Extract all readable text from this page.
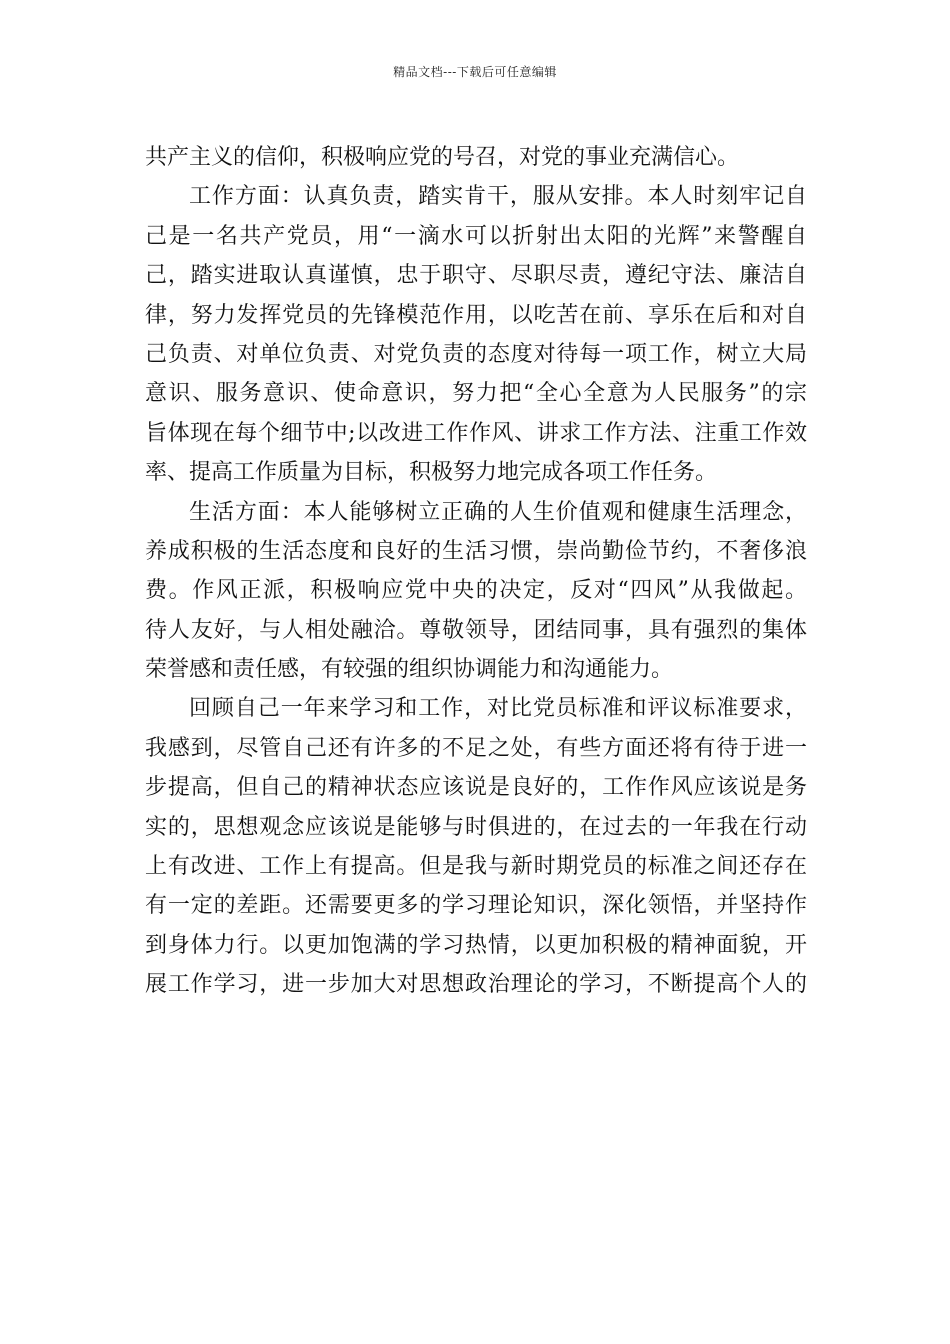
精品文档---下载后可任意编辑
共产主义的信仰，积极响应党的号召，对党的事业充满信心。
工作方面：认真负责，踏实肯干，服从安排。本人时刻牢记自
己是一名共产党员，用“一滴水可以折射出太阳的光辉”来警醒自
己，踏实进取认真谨慎，忠于职守、尽职尽责，遵纪守法、廉洁自
律，努力发挥党员的先锋模范作用，以吃苦在前、享乐在后和对自
己负责、对单位负责、对党负责的态度对待每一项工作，树立大局
意识、服务意识、使命意识，努力把“全心全意为人民服务”的宗
旨体现在每个细节中;以改进工作作风、讲求工作方法、注重工作效
率、提高工作质量为目标，积极努力地完成各项工作任务。
生活方面：本人能够树立正确的人生价值观和健康生活理念，
养成积极的生活态度和良好的生活习惯，崇尚勤俭节约，不奢侈浪
费。作风正派，积极响应党中央的决定，反对“四风”从我做起。
待人友好，与人相处融洽。尊敬领导，团结同事，具有强烈的集体
荣誉感和责任感，有较强的组织协调能力和沟通能力。
回顾自己一年来学习和工作，对比党员标准和评议标准要求，
我感到，尽管自己还有许多的不足之处，有些方面还将有待于进一
步提高，但自己的精神状态应该说是良好的，工作作风应该说是务
实的，思想观念应该说是能够与时俱进的，在过去的一年我在行动
上有改进、工作上有提高。但是我与新时期党员的标准之间还存在
有一定的差距。还需要更多的学习理论知识，深化领悟，并坚持作
到身体力行。以更加饱满的学习热情，以更加积极的精神面貌，开
展工作学习，进一步加大对思想政治理论的学习，不断提高个人的
